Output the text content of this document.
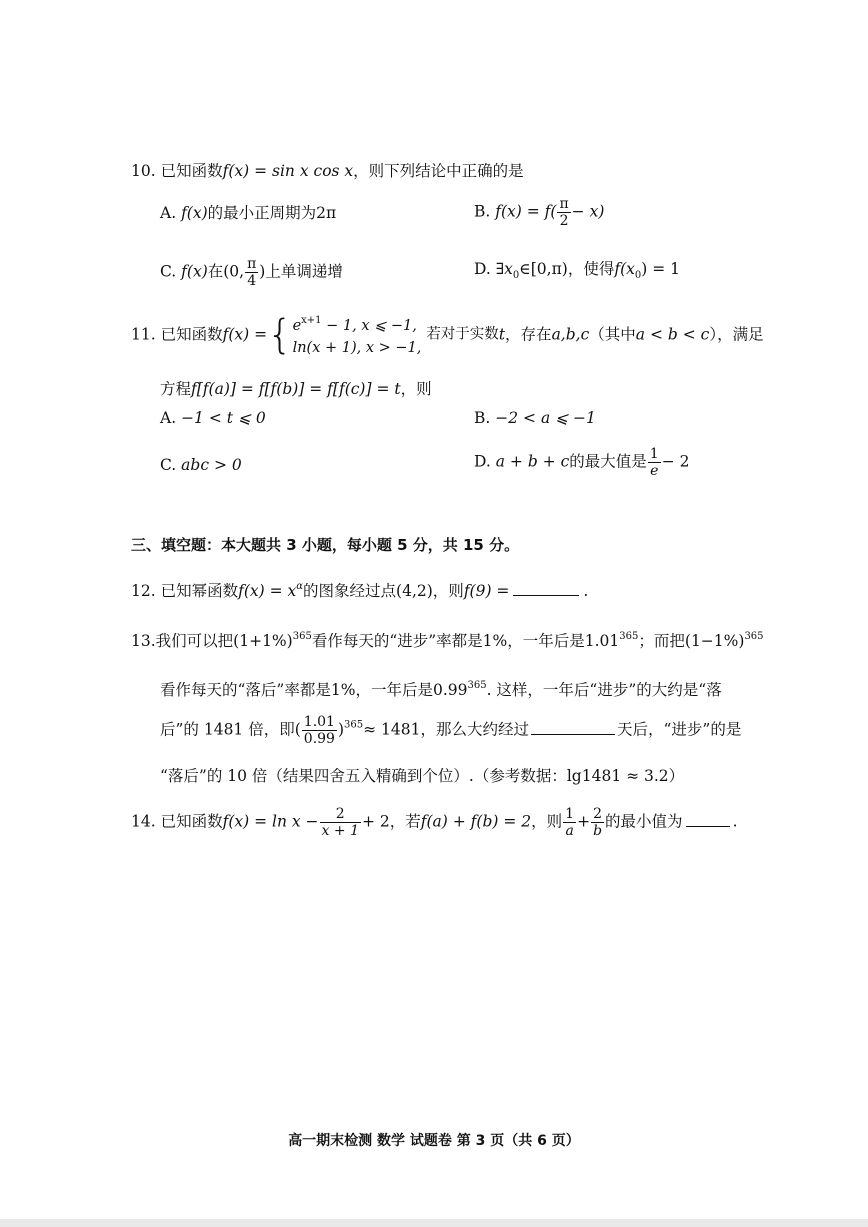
10. 已知函数f(x) = sin x cos x，则下列结论中正确的是
A. f(x)的最小正周期为2π	B. $f(x) = f( \frac{\pi}{2} - x)$
C. f(x)在(0, $\frac{\pi}{4}$ )上单调递增	D. $\exists x_0\in[0,\pi)$，使得$f(x_0) = 1$
11. 已知函数f(x) ={ $e^{x+1} - 1$, x ⩽ −1,
ln(x + 1), x > −1,
若对于实数t，存在a,b,c（其中a < b < c），满足
方程f[f(a)] = f[f(b)] = f[f(c)] = t，则
A. −1 < t ⩽ 0	B. −2 < a ⩽ −1
C. abc > 0	D. a + b + c的最大值是 $\frac{1}{e} - 2$
三、填空题：本大题共 3 小题，每小题 5 分，共 15 分。
12. 已知幂函数$f(x) = x^\alpha$的图象经过点(4,2)，则f(9) =	.
13.我们可以把$(1+1\%)^{365}$看作每天的“进步”率都是1%，一年后是1.01$^{365}$；而把$(1-1\%)^{365}$
看作每天的“落后”率都是1%，一年后是0.99$^{365}$. 这样，一年后“进步”的大约是“落
后”的 1481 倍，即( $\frac{1.01}{0.99} )^{365}\approx 1481$，那么大约经过	天后，“进步”的是
“落后”的 10 倍（结果四舍五入精确到个位）.（参考数据：lg1481 ≈ 3.2）
14. 已知函数$f(x) = \ln x - \frac{2}{x + 1} + 2$，若f(a) + f(b) = 2，则 $\frac{1}{a} + \frac{2}{b}$ 的最小值为	.
高一期末检测 数学 试题卷 第 3 页（共 6 页）
